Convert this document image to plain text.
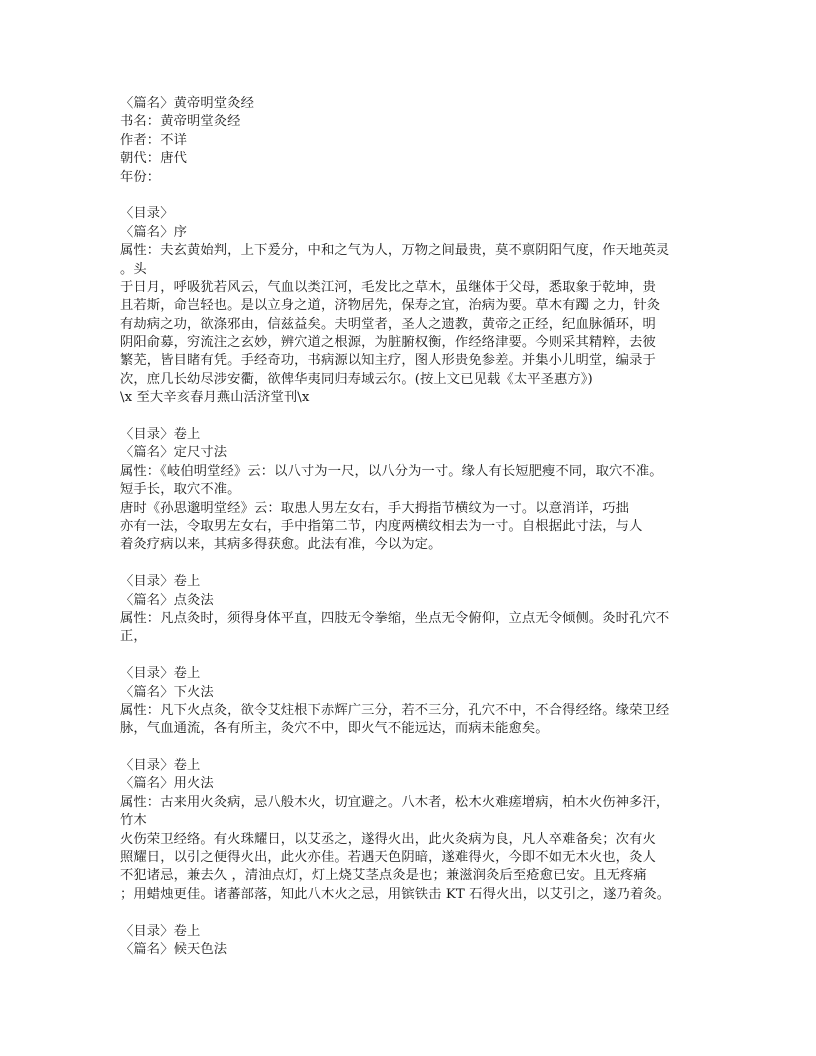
〈篇名〉黄帝明堂灸经
书名：黄帝明堂灸经
作者：不详
朝代：唐代
年份：
〈目录〉
〈篇名〉序
属性：夫玄黄始判，上下爰分，中和之气为人，万物之间最贵，莫不禀阴阳气度，作天地英灵
。头
于日月，呼吸犹若风云，气血以类江河，毛发比之草木，虽继体于父母，悉取象于乾坤，贵
且若斯，命岂轻也。是以立身之道，济物居先，保寿之宜，治病为要。草木有躅 之力，针灸
有劫病之功，欲涤邪由，信兹益矣。夫明堂者，圣人之遗教，黄帝之正经，纪血脉循环，明
阴阳俞募，穷流注之玄妙，辨穴道之根源，为脏腑权衡，作经络津要。今则采其精粹，去彼
繁芜，皆目睹有凭。手经奇功，书病源以知主疗，图人形贵免参差。并集小儿明堂，编录于
次，庶几长幼尽涉安衢，欲俾华夷同归寿域云尔。(按上文已见载《太平圣惠方》)
\x 至大辛亥春月燕山活济堂刊\x
〈目录〉卷上
〈篇名〉定尺寸法
属性：《岐伯明堂经》云：以八寸为一尺，以八分为一寸。缘人有长短肥瘦不同，取穴不准。
短手长，取穴不准。
唐时《孙思邈明堂经》云：取患人男左女右，手大拇指节横纹为一寸。以意消详，巧拙
亦有一法，令取男左女右，手中指第二节，内度两横纹相去为一寸。自根据此寸法，与人
着灸疗病以来，其病多得获愈。此法有准，今以为定。
〈目录〉卷上
〈篇名〉点灸法
属性：凡点灸时，须得身体平直，四肢无令拳缩，坐点无令俯仰，立点无令倾侧。灸时孔穴不
正，
〈目录〉卷上
〈篇名〉下火法
属性：凡下火点灸，欲令艾炷根下赤辉广三分，若不三分，孔穴不中，不合得经络。缘荣卫经
脉，气血通流，各有所主，灸穴不中，即火气不能远达，而病未能愈矣。
〈目录〉卷上
〈篇名〉用火法
属性：古来用火灸病，忌八般木火，切宜避之。八木者，松木火难瘥增病，柏木火伤神多汗，
竹木
火伤荣卫经络。有火珠耀日，以艾丞之，遂得火出，此火灸病为良，凡人卒难备矣；次有火
照耀日，以引之便得火出，此火亦佳。若遇天色阴暗，遂难得火，今即不如无木火也，灸人
不犯诸忌，兼去久 ，清油点灯，灯上烧艾茎点灸是也；兼滋润灸后至疮愈已安。且无疼痛
；用蜡烛更佳。诸蕃部落，知此八木火之忌，用镔铁击 KT 石得火出，以艾引之，遂乃着灸。
〈目录〉卷上
〈篇名〉候天色法
